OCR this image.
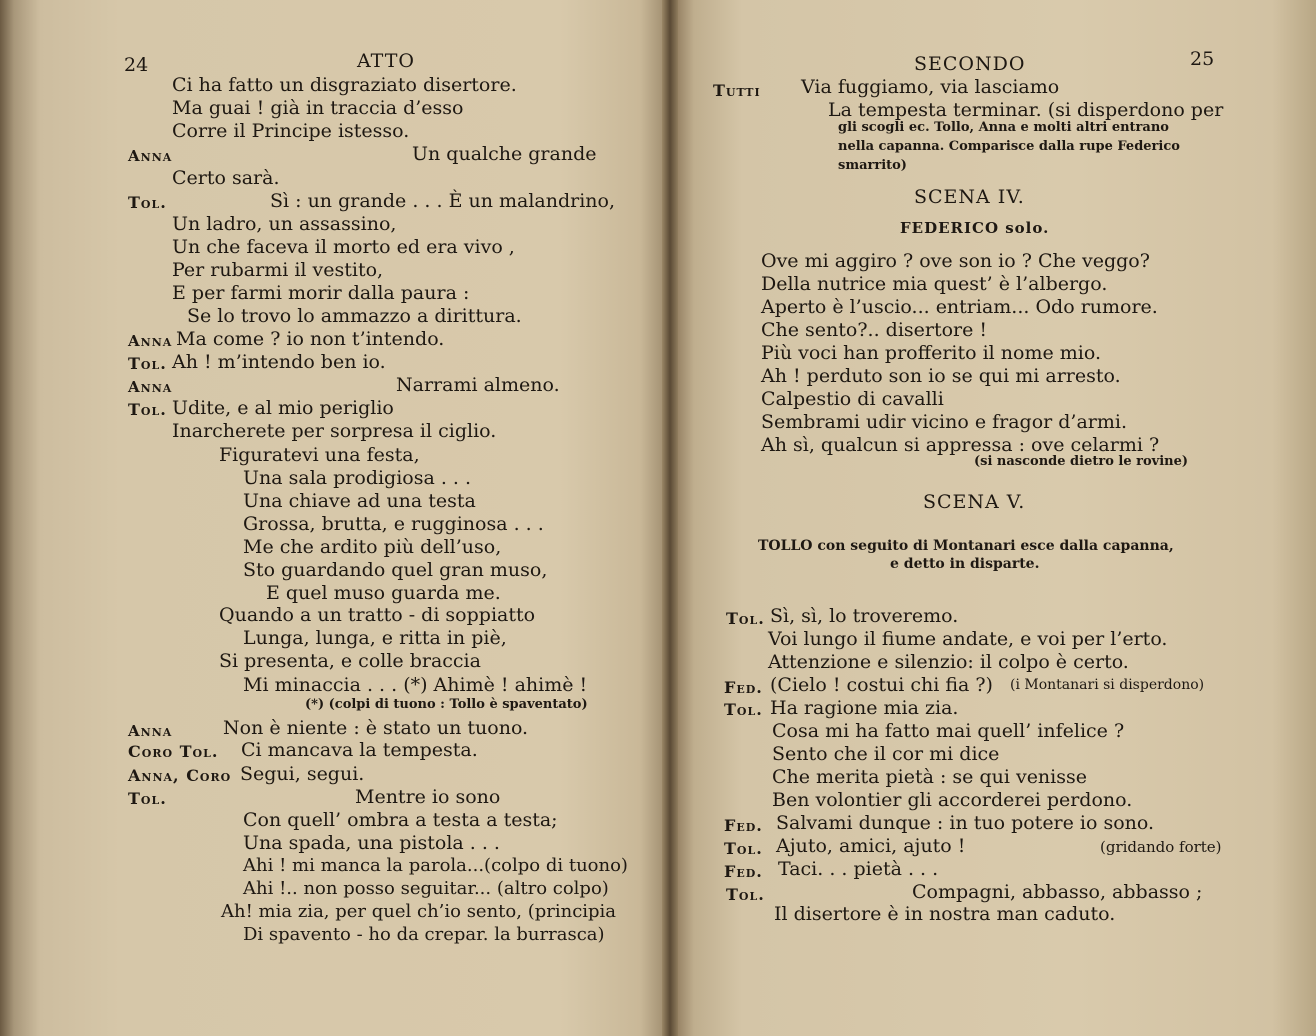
24	ATTO
Ci ha fatto un disgraziato disertore.
Ma guai ! già in traccia d’esso
Corre il Principe istesso.
Anna	Un qualche grande
Certo sarà.
Tol.	Sì : un grande . . . È un malandrino,
Un ladro, un assassino,
Un che faceva il morto ed era vivo ,
Per rubarmi il vestito,
E per farmi morir dalla paura :
Se lo trovo lo ammazzo a dirittura.
Anna Ma come ? io non t’intendo.
Tol. Ah ! m’intendo ben io.
Anna	Narrami almeno.
Tol. Udite, e al mio periglio
Inarcherete per sorpresa il ciglio.
Figuratevi una festa,
Una sala prodigiosa . . .
Una chiave ad una testa
Grossa, brutta, e rugginosa . . .
Me che ardito più dell’uso,
Sto guardando quel gran muso,
E quel muso guarda me.
Quando a un tratto - di soppiatto
Lunga, lunga, e ritta in piè,
Si presenta, e colle braccia
Mi minaccia . . . (*) Ahimè ! ahimè !
(*) (colpi di tuono : Tollo è spaventato)
Anna	Non è niente : è stato un tuono.
Coro Tol. Ci mancava la tempesta.
Anna, Coro Segui, segui.
Tol.	Mentre io sono
Con quell’ ombra a testa a testa;
Una spada, una pistola . . .
Ahi ! mi manca la parola...(colpo di tuono)
Ahi !.. non posso seguitar... (altro colpo)
Ah! mia zia, per quel ch’io sento, (principia
Di spavento - ho da crepar. la burrasca)
SECONDO	25
Tutti Via fuggiamo, via lasciamo
La tempesta terminar. (si disperdono per
gli scogli ec. Tollo, Anna e molti altri entrano
nella capanna. Comparisce dalla rupe Federico
smarrito)
SCENA IV.
FEDERICO solo.
Ove mi aggiro ? ove son io ? Che veggo?
Della nutrice mia quest’ è l’albergo.
Aperto è l’uscio... entriam... Odo rumore.
Che sento?.. disertore !
Più voci han profferito il nome mio.
Ah ! perduto son io se qui mi arresto.
Calpestio di cavalli
Sembrami udir vicino e fragor d’armi.
Ah sì, qualcun si appressa : ove celarmi ?
(si nasconde dietro le rovine)
SCENA V.
TOLLO con seguito di Montanari esce dalla capanna,
e detto in disparte.
Tol. Sì, sì, lo troveremo.
Voi lungo il fiume andate, e voi per l’erto.
Attenzione e silenzio: il colpo è certo.
Fed. (Cielo ! costui chi fia ?) (i Montanari si disperdono)
Tol. Ha ragione mia zia.
Cosa mi ha fatto mai quell’ infelice ?
Sento che il cor mi dice
Che merita pietà : se qui venisse
Ben volontier gli accorderei perdono.
Fed. Salvami dunque : in tuo potere io sono.
Tol. Ajuto, amici, ajuto !	(gridando forte)
Fed. Taci. . . pietà . . .
Tol.	Compagni, abbasso, abbasso ;
Il disertore è in nostra man caduto.
